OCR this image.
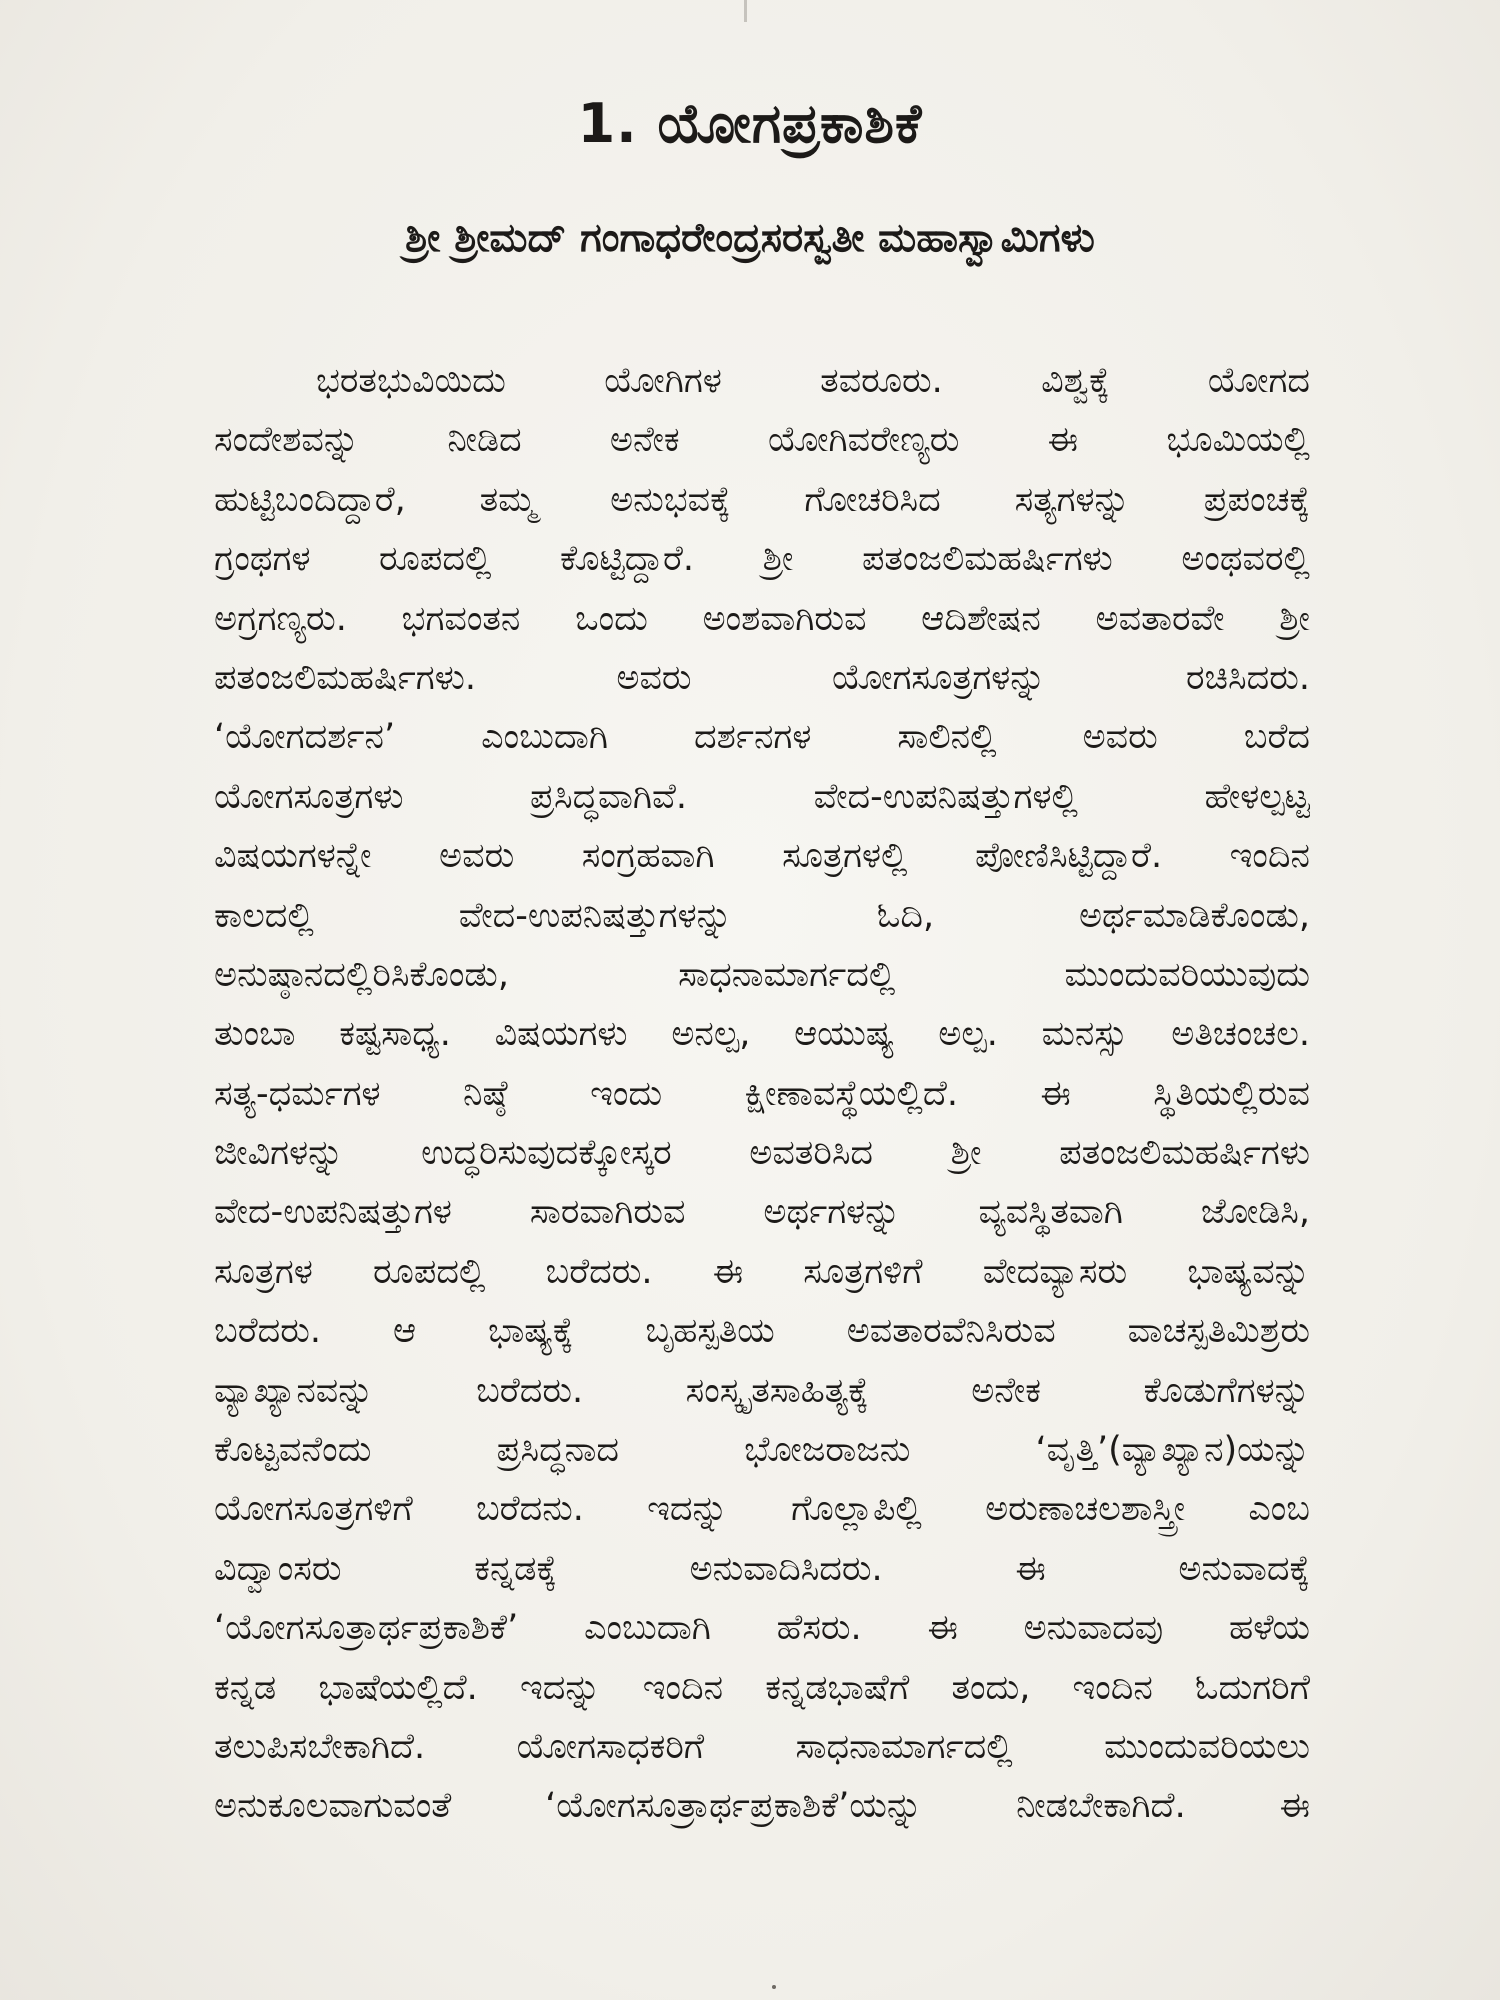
1. ಯೋಗಪ್ರಕಾಶಿಕೆ
ಶ್ರೀ ಶ್ರೀಮದ್ ಗಂಗಾಧರೇಂದ್ರಸರಸ್ವತೀ ಮಹಾಸ್ವಾಮಿಗಳು
ಭರತಭುವಿಯಿದು ಯೋಗಿಗಳ ತವರೂರು. ವಿಶ್ವಕ್ಕೆ ಯೋಗದ
ಸಂದೇಶವನ್ನು ನೀಡಿದ ಅನೇಕ ಯೋಗಿವರೇಣ್ಯರು ಈ ಭೂಮಿಯಲ್ಲಿ
ಹುಟ್ಟಿಬಂದಿದ್ದಾರೆ, ತಮ್ಮ ಅನುಭವಕ್ಕೆ ಗೋಚರಿಸಿದ ಸತ್ಯಗಳನ್ನು ಪ್ರಪಂಚಕ್ಕೆ
ಗ್ರಂಥಗಳ ರೂಪದಲ್ಲಿ ಕೊಟ್ಟಿದ್ದಾರೆ. ಶ್ರೀ ಪತಂಜಲಿಮಹರ್ಷಿಗಳು ಅಂಥವರಲ್ಲಿ
ಅಗ್ರಗಣ್ಯರು. ಭಗವಂತನ ಒಂದು ಅಂಶವಾಗಿರುವ ಆದಿಶೇಷನ ಅವತಾರವೇ ಶ್ರೀ
ಪತಂಜಲಿಮಹರ್ಷಿಗಳು. ಅವರು ಯೋಗಸೂತ್ರಗಳನ್ನು ರಚಿಸಿದರು.
‘ಯೋಗದರ್ಶನ’ ಎಂಬುದಾಗಿ ದರ್ಶನಗಳ ಸಾಲಿನಲ್ಲಿ ಅವರು ಬರೆದ
ಯೋಗಸೂತ್ರಗಳು ಪ್ರಸಿದ್ಧವಾಗಿವೆ. ವೇದ-ಉಪನಿಷತ್ತುಗಳಲ್ಲಿ ಹೇಳಲ್ಪಟ್ಟ
ವಿಷಯಗಳನ್ನೇ ಅವರು ಸಂಗ್ರಹವಾಗಿ ಸೂತ್ರಗಳಲ್ಲಿ ಪೋಣಿಸಿಟ್ಟಿದ್ದಾರೆ. ಇಂದಿನ
ಕಾಲದಲ್ಲಿ ವೇದ-ಉಪನಿಷತ್ತುಗಳನ್ನು ಓದಿ, ಅರ್ಥಮಾಡಿಕೊಂಡು,
ಅನುಷ್ಠಾನದಲ್ಲಿರಿಸಿಕೊಂಡು, ಸಾಧನಾಮಾರ್ಗದಲ್ಲಿ ಮುಂದುವರಿಯುವುದು
ತುಂಬಾ ಕಷ್ಟಸಾಧ್ಯ. ವಿಷಯಗಳು ಅನಲ್ಪ, ಆಯುಷ್ಯ ಅಲ್ಪ. ಮನಸ್ಸು ಅತಿಚಂಚಲ.
ಸತ್ಯ-ಧರ್ಮಗಳ ನಿಷ್ಠೆ ಇಂದು ಕ್ಷೀಣಾವಸ್ಥೆಯಲ್ಲಿದೆ. ಈ ಸ್ಥಿತಿಯಲ್ಲಿರುವ
ಜೀವಿಗಳನ್ನು ಉದ್ಧರಿಸುವುದಕ್ಕೋಸ್ಕರ ಅವತರಿಸಿದ ಶ್ರೀ ಪತಂಜಲಿಮಹರ್ಷಿಗಳು
ವೇದ-ಉಪನಿಷತ್ತುಗಳ ಸಾರವಾಗಿರುವ ಅರ್ಥಗಳನ್ನು ವ್ಯವಸ್ಥಿತವಾಗಿ ಜೋಡಿಸಿ,
ಸೂತ್ರಗಳ ರೂಪದಲ್ಲಿ ಬರೆದರು. ಈ ಸೂತ್ರಗಳಿಗೆ ವೇದವ್ಯಾಸರು ಭಾಷ್ಯವನ್ನು
ಬರೆದರು. ಆ ಭಾಷ್ಯಕ್ಕೆ ಬೃಹಸ್ಪತಿಯ ಅವತಾರವೆನಿಸಿರುವ ವಾಚಸ್ಪತಿಮಿಶ್ರರು
ವ್ಯಾಖ್ಯಾನವನ್ನು ಬರೆದರು. ಸಂಸ್ಕೃತಸಾಹಿತ್ಯಕ್ಕೆ ಅನೇಕ ಕೊಡುಗೆಗಳನ್ನು
ಕೊಟ್ಟವನೆಂದು ಪ್ರಸಿದ್ಧನಾದ ಭೋಜರಾಜನು ‘ವೃತ್ತಿ’(ವ್ಯಾಖ್ಯಾನ)ಯನ್ನು
ಯೋಗಸೂತ್ರಗಳಿಗೆ ಬರೆದನು. ಇದನ್ನು ಗೊಲ್ಲಾಪಿಲ್ಲಿ ಅರುಣಾಚಲಶಾಸ್ತ್ರೀ ಎಂಬ
ವಿದ್ವಾಂಸರು ಕನ್ನಡಕ್ಕೆ ಅನುವಾದಿಸಿದರು. ಈ ಅನುವಾದಕ್ಕೆ
‘ಯೋಗಸೂತ್ರಾರ್ಥಪ್ರಕಾಶಿಕೆ’ ಎಂಬುದಾಗಿ ಹೆಸರು. ಈ ಅನುವಾದವು ಹಳೆಯ
ಕನ್ನಡ ಭಾಷೆಯಲ್ಲಿದೆ. ಇದನ್ನು ಇಂದಿನ ಕನ್ನಡಭಾಷೆಗೆ ತಂದು, ಇಂದಿನ ಓದುಗರಿಗೆ
ತಲುಪಿಸಬೇಕಾಗಿದೆ. ಯೋಗಸಾಧಕರಿಗೆ ಸಾಧನಾಮಾರ್ಗದಲ್ಲಿ ಮುಂದುವರಿಯಲು
ಅನುಕೂಲವಾಗುವಂತೆ ‘ಯೋಗಸೂತ್ರಾರ್ಥಪ್ರಕಾಶಿಕೆ’ಯನ್ನು ನೀಡಬೇಕಾಗಿದೆ. ಈ
